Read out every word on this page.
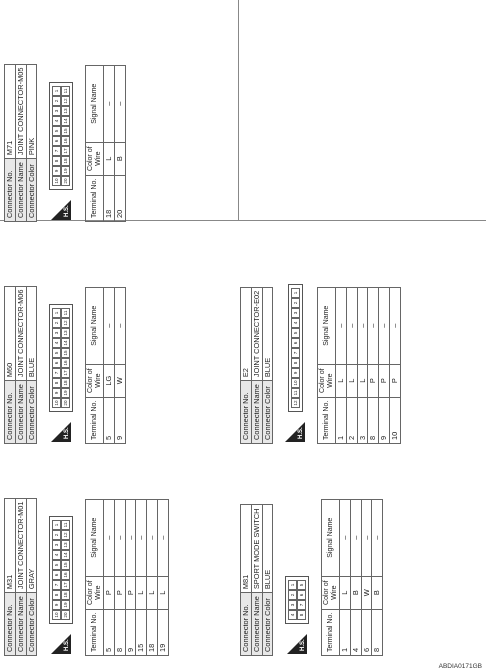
Connector No.	M31
Connector Name	JOINT CONNECTOR-M01
Connector Color	GRAY
H.S.
10
9
8
7
6
5
4
3
2
1
20
19
18
17
16
15
14
13
12
11
Terminal No.	Color of Wire	Signal Name
5	P	–
8	P	–
9	P	–
15	L	–
18	L	–
19	L	–
Connector No.	M60
Connector Name	JOINT CONNECTOR-M06
Connector Color	BLUE
H.S.
10
9
8
7
6
5
4
3
2
1
20
19
18
17
16
15
14
13
12
11
Terminal No.	Color of Wire	Signal Name
5	LG	–
9	W	–
Connector No.	M71
Connector Name	JOINT CONNECTOR-M05
Connector Color	PINK
H.S.
10
9
8
7
6
5
4
3
2
1
20
19
18
17
16
15
14
13
12
11
Terminal No.	Color of Wire	Signal Name
18	L	–
20	B	–
Connector No.	M81
Connector Name	SPORT MODE SWITCH
Connector Color	BLUE
H.S.
4
3
2
1
8
7
6
5
Terminal No.	Color of Wire	Signal Name
1	L	–
4	B	–
6	W	–
8	B	–
Connector No.	E2
Connector Name	JOINT CONNECTOR-E02
Connector Color	BLUE
H.S.
12
11
10
9
8
7
6
5
4
3
2
1
Terminal No.	Color of Wire	Signal Name
1	L	–
2	L	–
3	L	–
8	P	–
9	P	–
10	P	–
ABDIA0171GB
